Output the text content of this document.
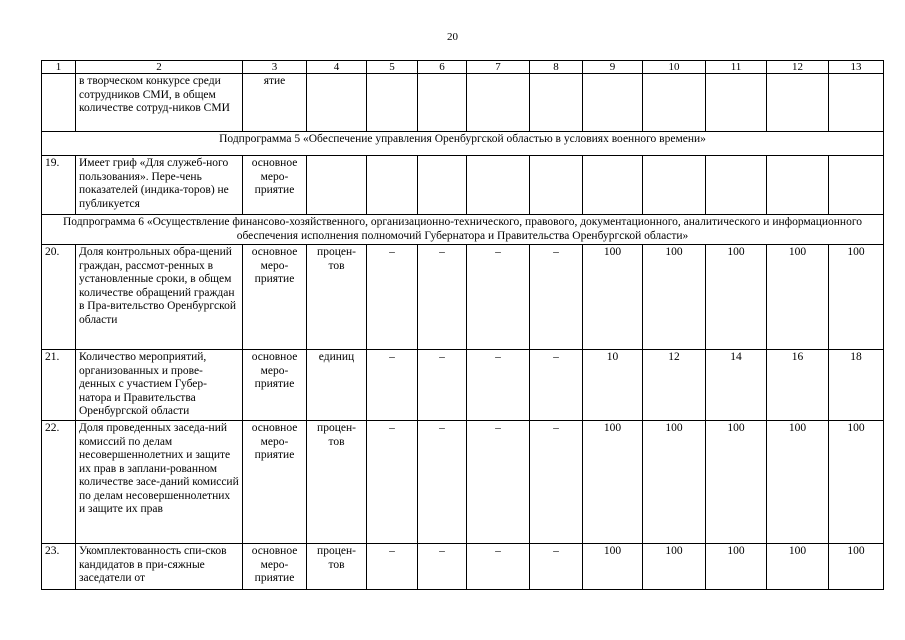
20
1	2	3	4	5	6	7	8	9	10	11	12	13
	в творческом конкурсе среди сотрудников СМИ, в общем количестве сотруд-ников СМИ	ятие										
Подпрограмма 5 «Обеспечение управления Оренбургской областью в условиях военного времени»												
19.	Имеет гриф «Для служеб-ного пользования». Пере-чень показателей (индика-торов) не публикуется	основное меро-приятие										
Подпрограмма 6 «Осуществление финансово-хозяйственного, организационно-технического, правового, документационного, аналитического и информационного обеспечения исполнения полномочий Губернатора и Правительства Оренбургской области»												
20.	Доля контрольных обра-щений граждан, рассмот-ренных в установленные сроки, в общем количестве обращений граждан в Пра-вительство Оренбургской области	основное меро-приятие	процен-тов	–	–	–	–	100	100	100	100	100
21.	Количество мероприятий, организованных и прове-денных с участием Губер-натора и Правительства Оренбургской области	основное меро-приятие	единиц	–	–	–	–	10	12	14	16	18
22.	Доля проведенных заседа-ний комиссий по делам несовершеннолетних и защите их прав в заплани-рованном количестве засе-даний комиссий по делам несовершеннолетних и защите их прав	основное меро-приятие	процен-тов	–	–	–	–	100	100	100	100	100
23.	Укомплектованность спи-сков кандидатов в при-сяжные заседатели от	основное меро-приятие	процен-тов	–	–	–	–	100	100	100	100	100
